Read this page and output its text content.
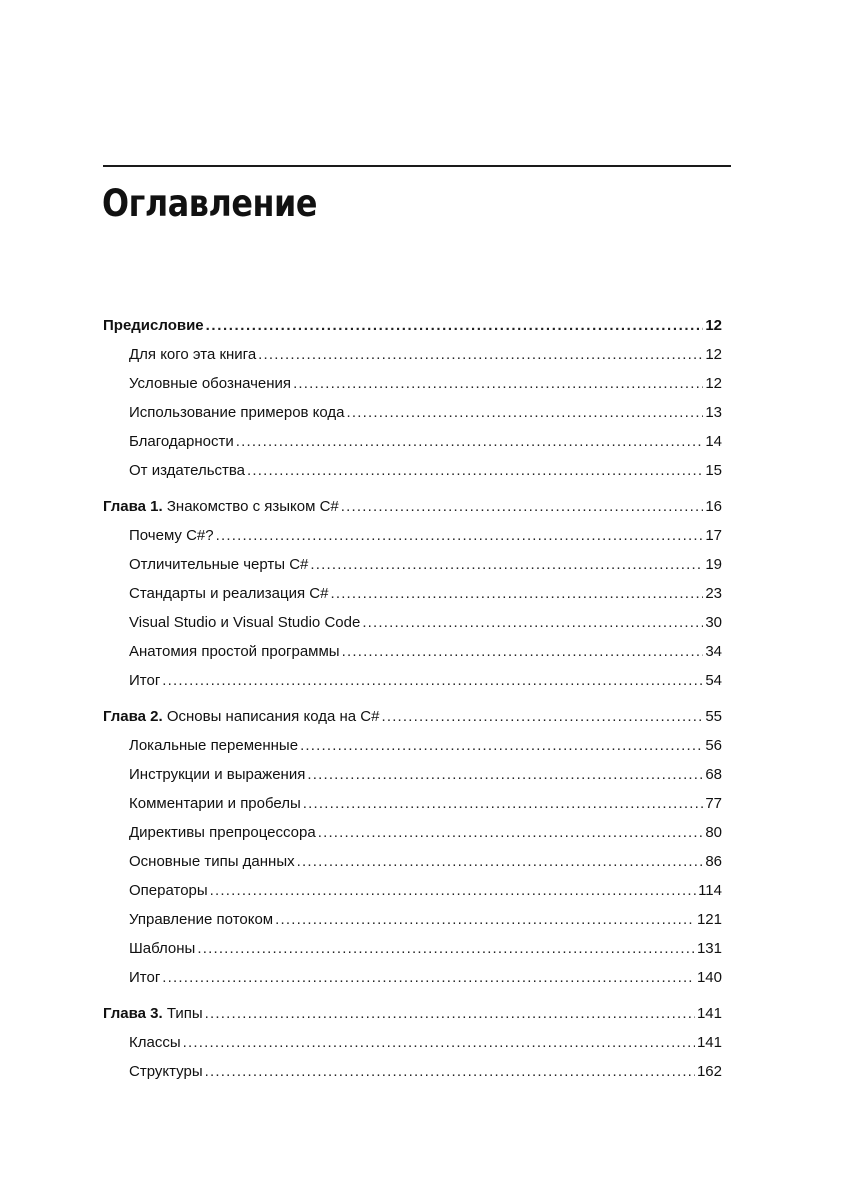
Оглавление
Предисловие .....	12
Для кого эта книга .....	12
Условные обозначения .....	12
Использование примеров кода .....	13
Благодарности .....	14
От издательства .....	15
Глава 1. Знакомство с языком C# .....	16
Почему C#? .....	17
Отличительные черты C# .....	19
Стандарты и реализация C# .....	23
Visual Studio и Visual Studio Code .....	30
Анатомия простой программы .....	34
Итог .....	54
Глава 2. Основы написания кода на C# .....	55
Локальные переменные .....	56
Инструкции и выражения .....	68
Комментарии и пробелы .....	77
Директивы препроцессора .....	80
Основные типы данных .....	86
Операторы .....	114
Управление потоком .....	121
Шаблоны .....	131
Итог .....	140
Глава 3. Типы .....	141
Классы .....	141
Структуры .....	162
